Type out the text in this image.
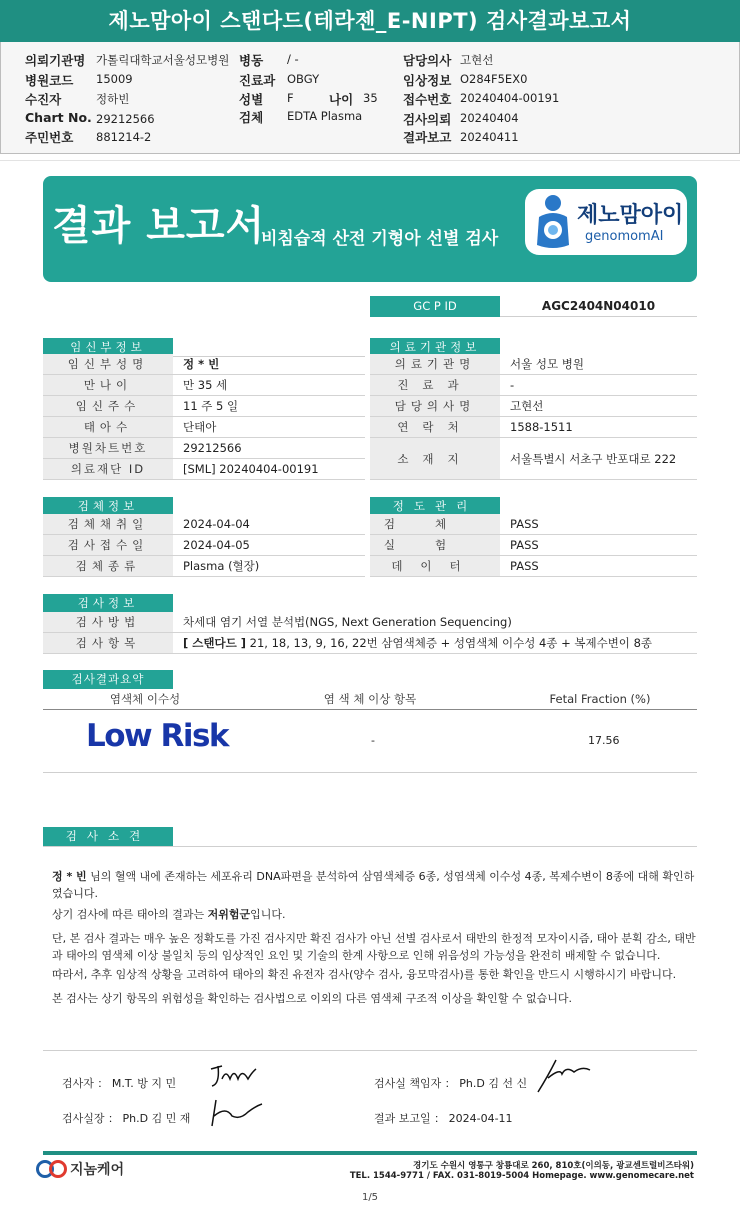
제노맘아이 스탠다드(테라젠_E-NIPT) 검사결과보고서
의뢰기관명 가톨릭대학교서울성모병원 병동 / -	담당의사 고현선
병원코드 15009	진료과 OBGY	임상정보 O284F5EX0
수진자	정하빈	성별 F	나이 35 접수번호 20240404-00191
Chart No. 29212566	검체 EDTA Plasma	검사의뢰 20240404
주민번호 881214-2	결과보고 20240411
결과 보고서
비침습적 산전 기형아 선별 검사
제노맘아이
genomomAI
GC P ID	AGC2404N04010
임신부정보
임신부성명	정 * 빈
만나이	만 35 세
임신주수	11 주 5 일
태아수	단태아
병원차트번호	29212566
의료재단 ID	[SML] 20240404-00191
의료기관정보
의료기관명	서울 성모 병원
진료과	-
담당의사명	고현선
연락처	1588-1511
소재지	서울특별시 서초구 반포대로 222
검체정보
검체채취일	2024-04-04
검사접수일	2024-04-05
검체종류	Plasma (혈장)
정도관리
검체	PASS
실험	PASS
데이터	PASS
검사정보
검사방법	차세대 염기 서열 분석법(NGS, Next Generation Sequencing)
검사항목	[ 스탠다드 ] 21, 18, 13, 9, 16, 22번 삼염색체증 + 성염색체 이수성 4종 + 복제수변이 8종
검사결과요약
염색체 이수성	염 색 체 이상 항목	Fetal Fraction (%)
Low Risk	-	17.56
검사소견
정 * 빈 님의 혈액 내에 존재하는 세포유리 DNA파편을 분석하여 삼염색체증 6종, 성염색체 이수성 4종, 복제수변이 8종에 대해 확인하였습니다.
상기 검사에 따른 태아의 결과는 저위험군입니다.
단, 본 검사 결과는 매우 높은 정확도를 가진 검사지만 확진 검사가 아닌 선별 검사로서 태반의 한정적 모자이시즘, 태아 분획 감소, 태반과 태아의 염색체 이상 불일치 등의 임상적인 요인 및 기술의 한계 사항으로 인해 위음성의 가능성을 완전히 배제할 수 없습니다.
따라서, 추후 임상적 상황을 고려하여 태아의 확진 유전자 검사(양수 검사, 융모막검사)를 통한 확인을 반드시 시행하시기 바랍니다.
본 검사는 상기 항목의 위험성을 확인하는 검사법으로 이외의 다른 염색체 구조적 이상을 확인할 수 없습니다.
검사자 ： M.T. 방 지 민	검사실 책임자 ： Ph.D 김 선 신
검사실장 ： Ph.D 김 민 재	결과 보고일 ： 2024-04-11
지놈케어	경기도 수원시 영통구 창룡대로 260, 810호(이의동, 광교센트럴비즈타워)
TEL. 1544-9771 / FAX. 031-8019-5004 Homepage. www.genomecare.net
1/5
